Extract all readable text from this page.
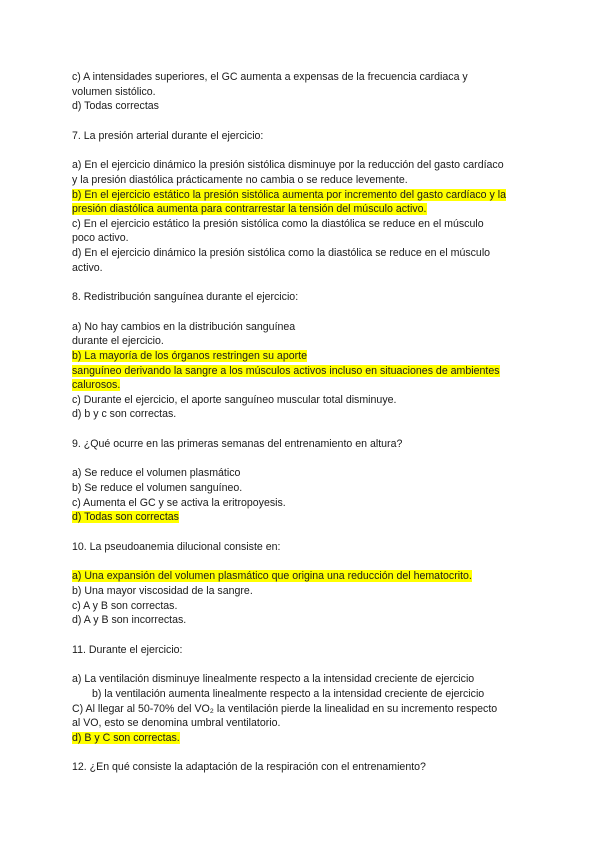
c) A intensidades superiores, el GC aumenta a expensas de la frecuencia cardiaca y
volumen sistólico.
d) Todas correctas
7. La presión arterial durante el ejercicio:
a) En el ejercicio dinámico la presión sistólica disminuye por la reducción del gasto cardíaco
y la presión diastólica prácticamente no cambia o se reduce levemente.
b) En el ejercicio estático la presión sistólica aumenta por incremento del gasto cardíaco y la
presión diastólica aumenta para contrarrestar la tensión del músculo activo.
c) En el ejercicio estático la presión sistólica como la diastólica se reduce en el músculo
poco activo.
d) En el ejercicio dinámico la presión sistólica como la diastólica se reduce en el músculo
activo.
8. Redistribución sanguínea durante el ejercicio:
a) No hay cambios en la distribución sanguínea
durante el ejercicio.
b) La mayoría de los órganos restringen su aporte
sanguíneo derivando la sangre a los músculos activos incluso en situaciones de ambientes
calurosos.
c) Durante el ejercicio, el aporte sanguíneo muscular total disminuye.
d) b y c son correctas.
9. ¿Qué ocurre en las primeras semanas del entrenamiento en altura?
a) Se reduce el volumen plasmático
b) Se reduce el volumen sanguíneo.
c) Aumenta el GC y se activa la eritropoyesis.
d) Todas son correctas
10. La pseudoanemia dilucional consiste en:
a) Una expansión del volumen plasmático que origina una reducción del hematocrito.
b) Una mayor viscosidad de la sangre.
c) A y B son correctas.
d) A y B son incorrectas.
11. Durante el ejercicio:
a) La ventilación disminuye linealmente respecto a la intensidad creciente de ejercicio
b) la ventilación aumenta linealmente respecto a la intensidad creciente de ejercicio
C) Al llegar al 50-70% del VO₂ la ventilación pierde la linealidad en su incremento respecto
al VO, esto se denomina umbral ventilatorio.
d) B y C son correctas.
12. ¿En qué consiste la adaptación de la respiración con el entrenamiento?
